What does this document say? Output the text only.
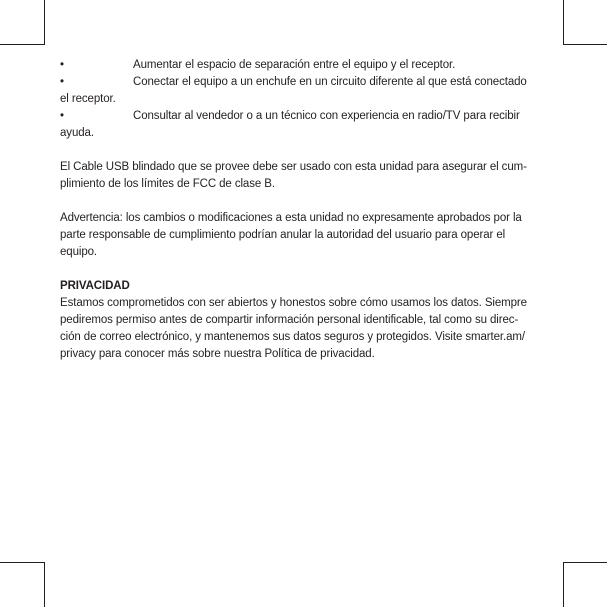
•	Aumentar el espacio de separación entre el equipo y el receptor.
•	Conectar el equipo a un enchufe en un circuito diferente al que está conectado
el receptor.
•	Consultar al vendedor o a un técnico con experiencia en radio/TV para recibir
ayuda.
El Cable USB blindado que se provee debe ser usado con esta unidad para asegurar el cum-
plimiento de los límites de FCC de clase B.
Advertencia: los cambios o modificaciones a esta unidad no expresamente aprobados por la
parte responsable de cumplimiento podrían anular la autoridad del usuario para operar el
equipo.
PRIVACIDAD
Estamos comprometidos con ser abiertos y honestos sobre cómo usamos los datos. Siempre
pediremos permiso antes de compartir información personal identificable, tal como su direc-
ción de correo electrónico, y mantenemos sus datos seguros y protegidos. Visite smarter.am/
privacy para conocer más sobre nuestra Política de privacidad.
